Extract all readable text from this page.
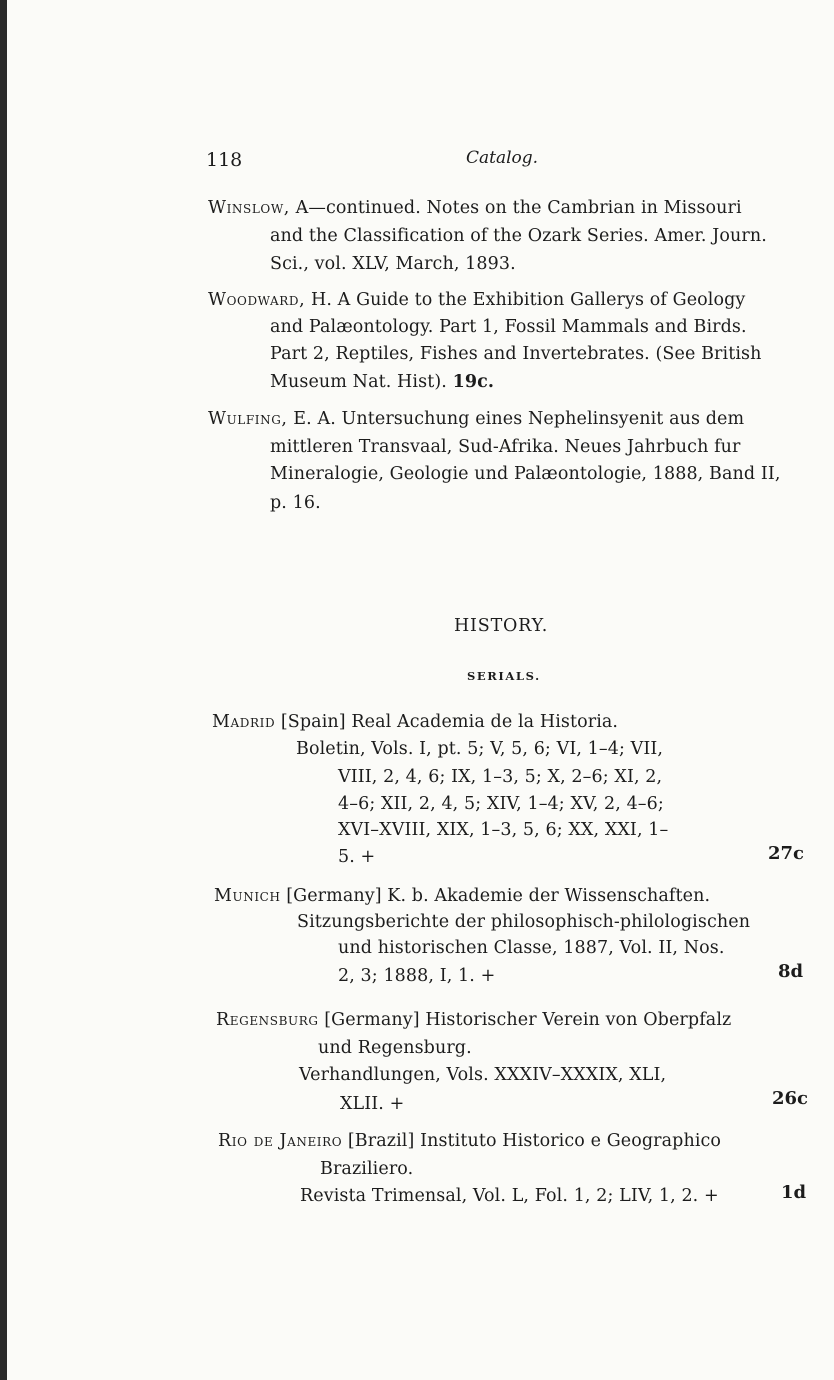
118	Catalog.
Winslow, A—continued. Notes on the Cambrian in Missouri
and the Classification of the Ozark Series. Amer. Journ.
Sci., vol. XLV, March, 1893.
Woodward, H. A Guide to the Exhibition Gallerys of Geology
and Palæontology. Part 1, Fossil Mammals and Birds.
Part 2, Reptiles, Fishes and Invertebrates. (See British
Museum Nat. Hist). 19c.
Wulfing, E. A. Untersuchung eines Nephelinsyenit aus dem
mittleren Transvaal, Sud-Afrika. Neues Jahrbuch fur
Mineralogie, Geologie und Palæontologie, 1888, Band II,
p. 16.
HISTORY.
SERIALS.
Madrid [Spain] Real Academia de la Historia.
Boletin, Vols. I, pt. 5; V, 5, 6; VI, 1–4; VII,
VIII, 2, 4, 6; IX, 1–3, 5; X, 2–6; XI, 2,
4–6; XII, 2, 4, 5; XIV, 1–4; XV, 2, 4–6;
XVI–XVIII, XIX, 1–3, 5, 6; XX, XXI, 1–
5. +	27c
Munich [Germany] K. b. Akademie der Wissenschaften.
Sitzungsberichte der philosophisch-philologischen
und historischen Classe, 1887, Vol. II, Nos.
2, 3; 1888, I, 1. +	8d
Regensburg [Germany] Historischer Verein von Oberpfalz
und Regensburg.
Verhandlungen, Vols. XXXIV–XXXIX, XLI,
XLII. +	26c
Rio de Janeiro [Brazil] Instituto Historico e Geographico
Braziliero.
Revista Trimensal, Vol. L, Fol. 1, 2; LIV, 1, 2. +	1d
